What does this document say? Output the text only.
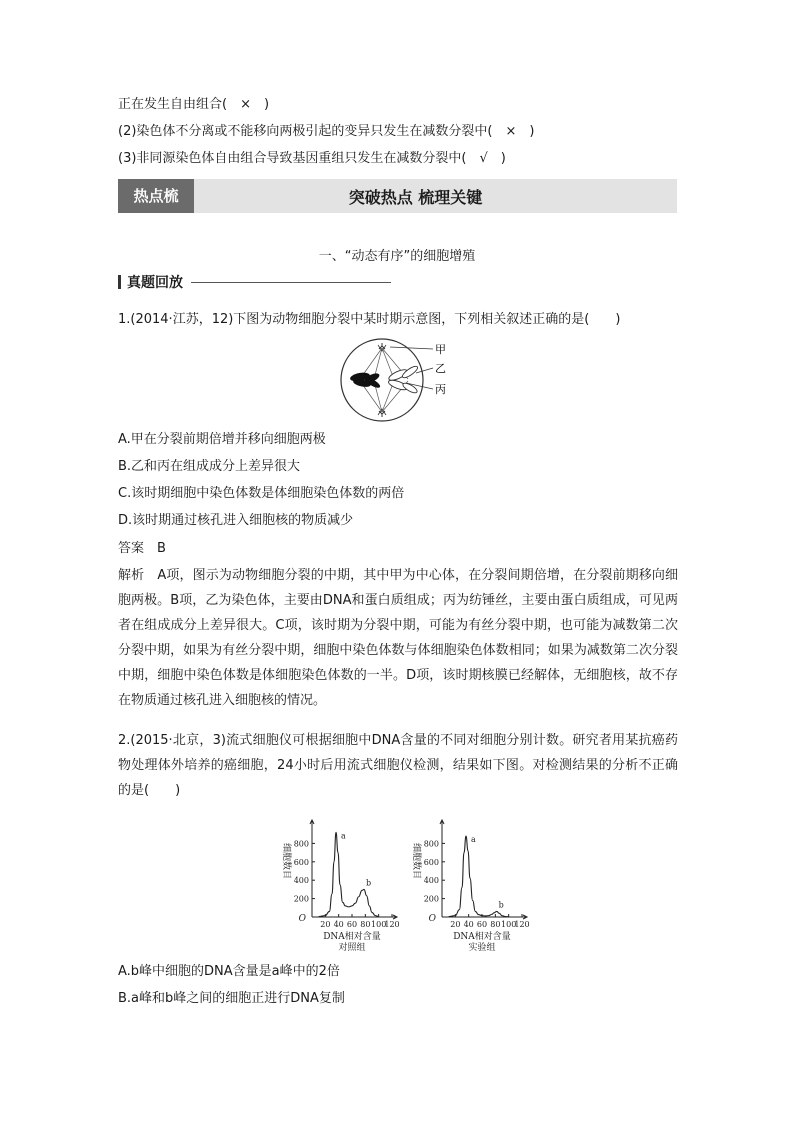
正在发生自由组合(　×　)
(2)染色体不分离或不能移向两极引起的变异只发生在减数分裂中(　×　)
(3)非同源染色体自由组合导致基因重组只发生在减数分裂中(　√　)
热点梳理
突破热点 梳理关键
一、“动态有序”的细胞增殖
真题回放
1.(2014·江苏，12)下图为动物细胞分裂中某时期示意图，下列相关叙述正确的是(　　)
甲
乙
丙
A.甲在分裂前期倍增并移向细胞两极
B.乙和丙在组成成分上差异很大
C.该时期细胞中染色体数是体细胞染色体数的两倍
D.该时期通过核孔进入细胞核的物质减少
答案　B
解析　A项，图示为动物细胞分裂的中期，其中甲为中心体，在分裂间期倍增，在分裂前期移向细胞两极。B项，乙为染色体，主要由DNA和蛋白质组成；丙为纺锤丝，主要由蛋白质组成，可见两者在组成成分上差异很大。C项，该时期为分裂中期，可能为有丝分裂中期，也可能为减数第二次分裂中期，如果为有丝分裂中期，细胞中染色体数与体细胞染色体数相同；如果为减数第二次分裂中期，细胞中染色体数是体细胞染色体数的一半。D项，该时期核膜已经解体，无细胞核，故不存在物质通过核孔进入细胞核的情况。
2.(2015·北京，3)流式细胞仪可根据细胞中DNA含量的不同对细胞分别计数。研究者用某抗癌药物处理体外培养的癌细胞，24小时后用流式细胞仪检测，结果如下图。对检测结果的分析不正确的是(　　)
200
400
600
800
20 40 60 80 100
120
O
细胞数目
DNA相对含量
对照组
a
b
200
400
600
800
20 40 60 80 100
120
O
细胞数目
DNA相对含量
实验组
a
b
A.b峰中细胞的DNA含量是a峰中的2倍
B.a峰和b峰之间的细胞正进行DNA复制
